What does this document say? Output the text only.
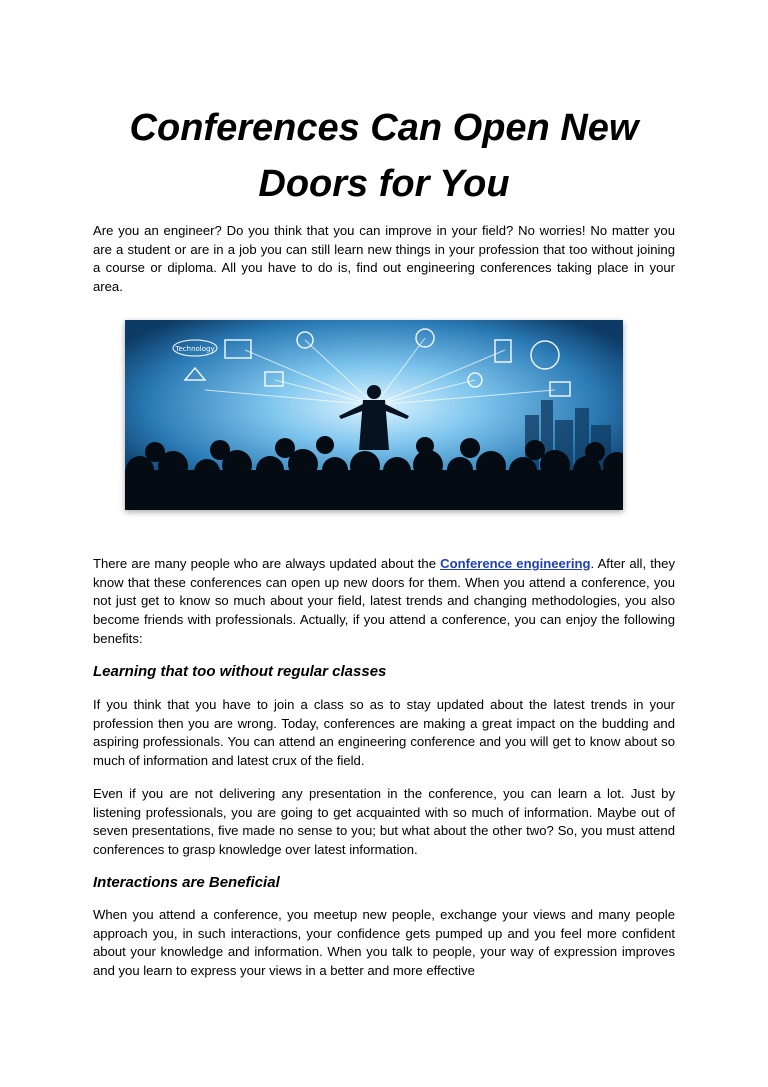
Conferences Can Open New Doors for You

Are you an engineer? Do you think that you can improve in your field? No worries! No matter you are a student or are in a job you can still learn new things in your profession that too without joining a course or diploma. All you have to do is, find out engineering conferences taking place in your area.

Technology

There are many people who are always updated about the Conference engineering. After all, they know that these conferences can open up new doors for them. When you attend a conference, you not just get to know so much about your field, latest trends and changing methodologies, you also become friends with professionals. Actually, if you attend a conference, you can enjoy the following benefits:

Learning that too without regular classes

If you think that you have to join a class so as to stay updated about the latest trends in your profession then you are wrong. Today, conferences are making a great impact on the budding and aspiring professionals. You can attend an engineering conference and you will get to know about so much of information and latest crux of the field.

Even if you are not delivering any presentation in the conference, you can learn a lot. Just by listening professionals, you are going to get acquainted with so much of information. Maybe out of seven presentations, five made no sense to you; but what about the other two? So, you must attend conferences to grasp knowledge over latest information.

Interactions are Beneficial

When you attend a conference, you meetup new people, exchange your views and many people approach you, in such interactions, your confidence gets pumped up and you feel more confident about your knowledge and information. When you talk to people, your way of expression improves and you learn to express your views in a better and more effective
